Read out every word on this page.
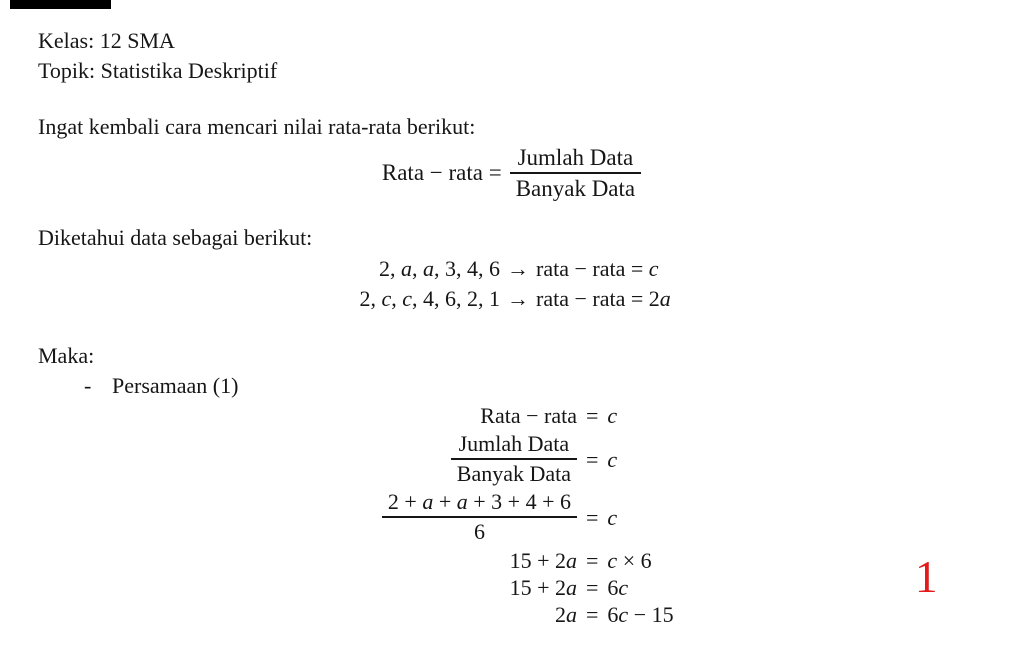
Kelas: 12 SMA
Topik: Statistika Deskriptif
Ingat kembali cara mencari nilai rata-rata berikut:
Rata − rata = $\frac{\text{Jumlah Data}}{\text{Banyak Data}}$
Diketahui data sebagai berikut:
2, a, a, 3, 4, 6 → rata − rata = c
2, c, c, 4, 6, 2, 1 → rata − rata = 2a
Maka:
- Persamaan (1)
Rata − rata = c
$\frac{\text{Jumlah Data}}{\text{Banyak Data}} = c$
$\frac{2 + a + a + 3 + 4 + 6}{6} = c$
15 + 2a = c × 6
15 + 2a = 6c
2a = 6c − 15
1
